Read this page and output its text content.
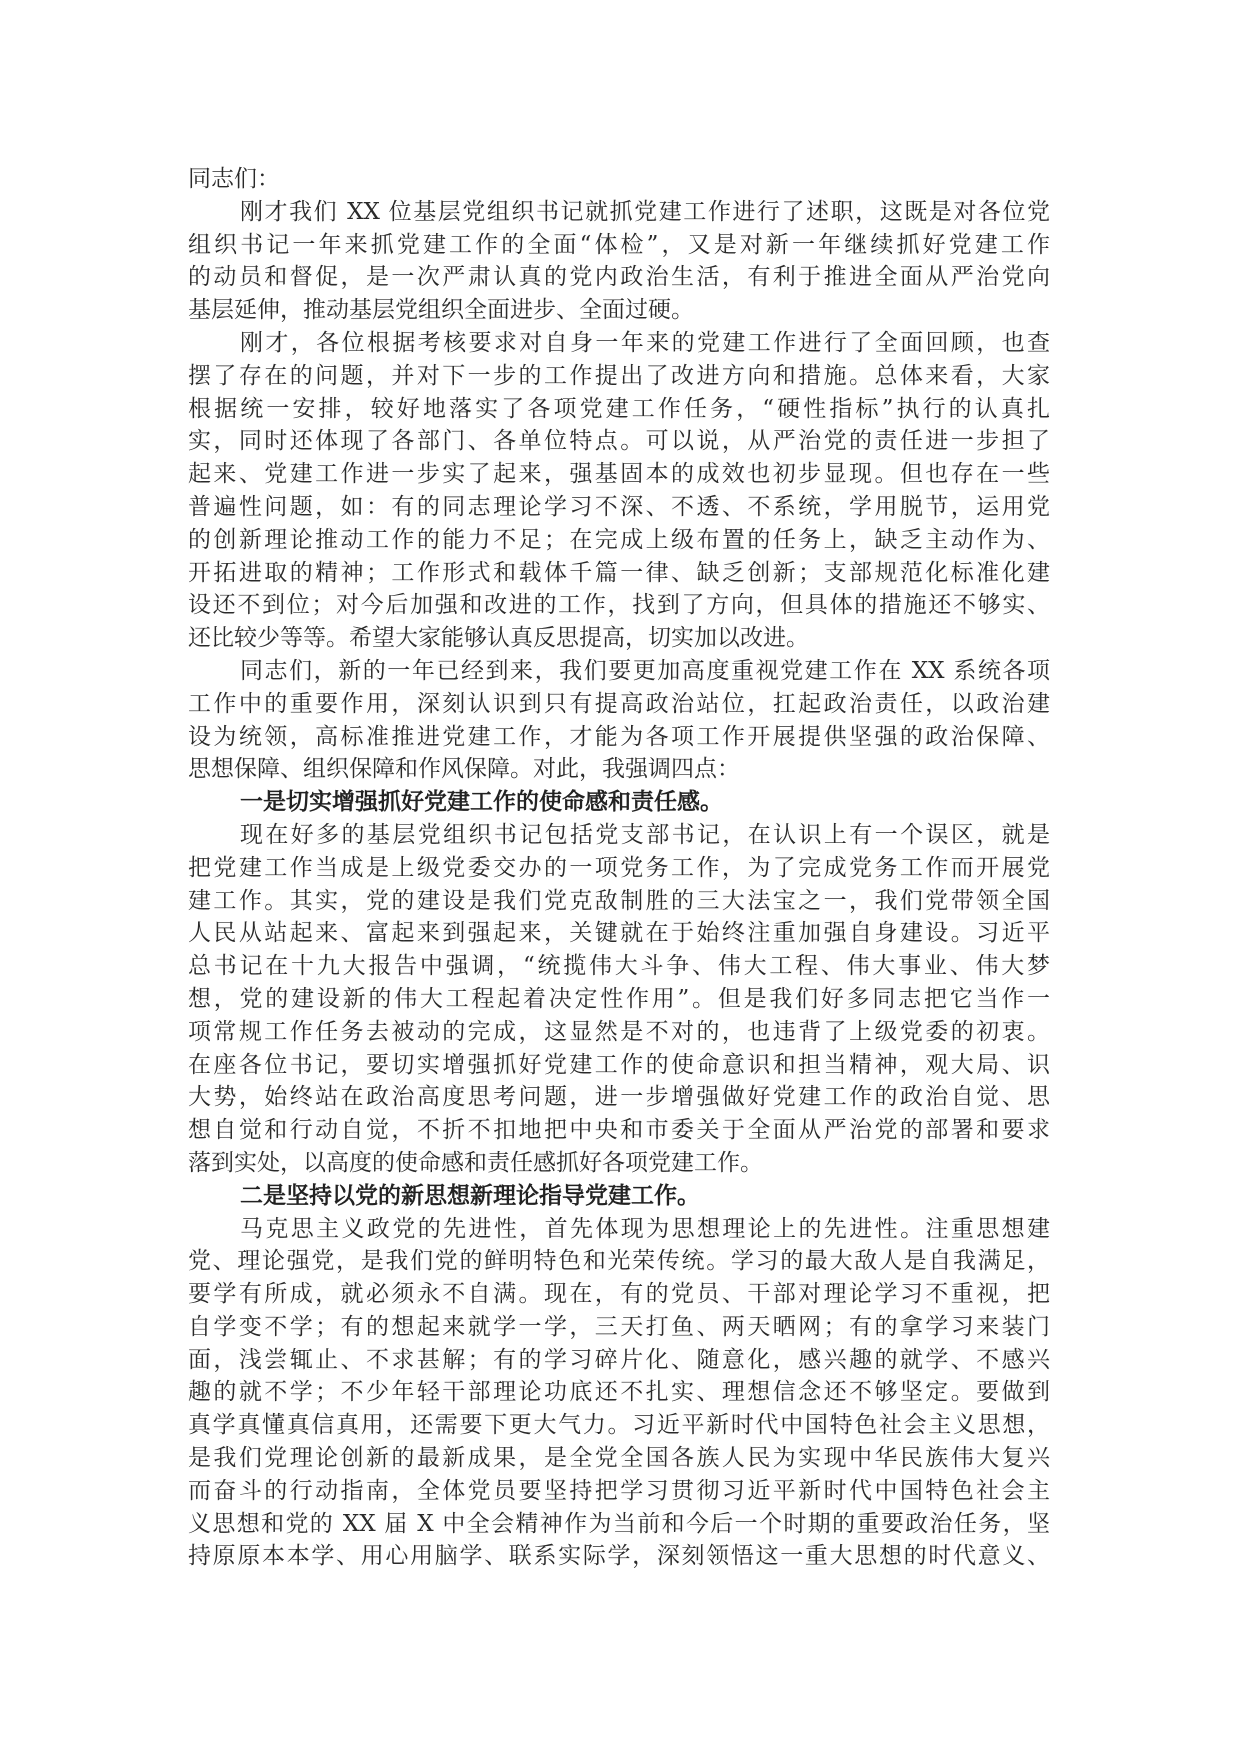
同志们：
刚才我们 XX 位基层党组织书记就抓党建工作进行了述职，这既是对各位党
组织书记一年来抓党建工作的全面“体检”，又是对新一年继续抓好党建工作
的动员和督促，是一次严肃认真的党内政治生活，有利于推进全面从严治党向
基层延伸，推动基层党组织全面进步、全面过硬。
刚才，各位根据考核要求对自身一年来的党建工作进行了全面回顾，也查
摆了存在的问题，并对下一步的工作提出了改进方向和措施。总体来看，大家
根据统一安排，较好地落实了各项党建工作任务，“硬性指标”执行的认真扎
实，同时还体现了各部门、各单位特点。可以说，从严治党的责任进一步担了
起来、党建工作进一步实了起来，强基固本的成效也初步显现。但也存在一些
普遍性问题，如：有的同志理论学习不深、不透、不系统，学用脱节，运用党
的创新理论推动工作的能力不足；在完成上级布置的任务上，缺乏主动作为、
开拓进取的精神；工作形式和载体千篇一律、缺乏创新；支部规范化标准化建
设还不到位；对今后加强和改进的工作，找到了方向，但具体的措施还不够实、
还比较少等等。希望大家能够认真反思提高，切实加以改进。
同志们，新的一年已经到来，我们要更加高度重视党建工作在 XX 系统各项
工作中的重要作用，深刻认识到只有提高政治站位，扛起政治责任，以政治建
设为统领，高标准推进党建工作，才能为各项工作开展提供坚强的政治保障、
思想保障、组织保障和作风保障。对此，我强调四点：
一是切实增强抓好党建工作的使命感和责任感。
现在好多的基层党组织书记包括党支部书记，在认识上有一个误区，就是
把党建工作当成是上级党委交办的一项党务工作，为了完成党务工作而开展党
建工作。其实，党的建设是我们党克敌制胜的三大法宝之一，我们党带领全国
人民从站起来、富起来到强起来，关键就在于始终注重加强自身建设。习近平
总书记在十九大报告中强调，“统揽伟大斗争、伟大工程、伟大事业、伟大梦
想，党的建设新的伟大工程起着决定性作用”。但是我们好多同志把它当作一
项常规工作任务去被动的完成，这显然是不对的，也违背了上级党委的初衷。
在座各位书记，要切实增强抓好党建工作的使命意识和担当精神，观大局、识
大势，始终站在政治高度思考问题，进一步增强做好党建工作的政治自觉、思
想自觉和行动自觉，不折不扣地把中央和市委关于全面从严治党的部署和要求
落到实处，以高度的使命感和责任感抓好各项党建工作。
二是坚持以党的新思想新理论指导党建工作。
马克思主义政党的先进性，首先体现为思想理论上的先进性。注重思想建
党、理论强党，是我们党的鲜明特色和光荣传统。学习的最大敌人是自我满足，
要学有所成，就必须永不自满。现在，有的党员、干部对理论学习不重视，把
自学变不学；有的想起来就学一学，三天打鱼、两天晒网；有的拿学习来装门
面，浅尝辄止、不求甚解；有的学习碎片化、随意化，感兴趣的就学、不感兴
趣的就不学；不少年轻干部理论功底还不扎实、理想信念还不够坚定。要做到
真学真懂真信真用，还需要下更大气力。习近平新时代中国特色社会主义思想，
是我们党理论创新的最新成果，是全党全国各族人民为实现中华民族伟大复兴
而奋斗的行动指南，全体党员要坚持把学习贯彻习近平新时代中国特色社会主
义思想和党的 XX 届 X 中全会精神作为当前和今后一个时期的重要政治任务，坚
持原原本本学、用心用脑学、联系实际学，深刻领悟这一重大思想的时代意义、
